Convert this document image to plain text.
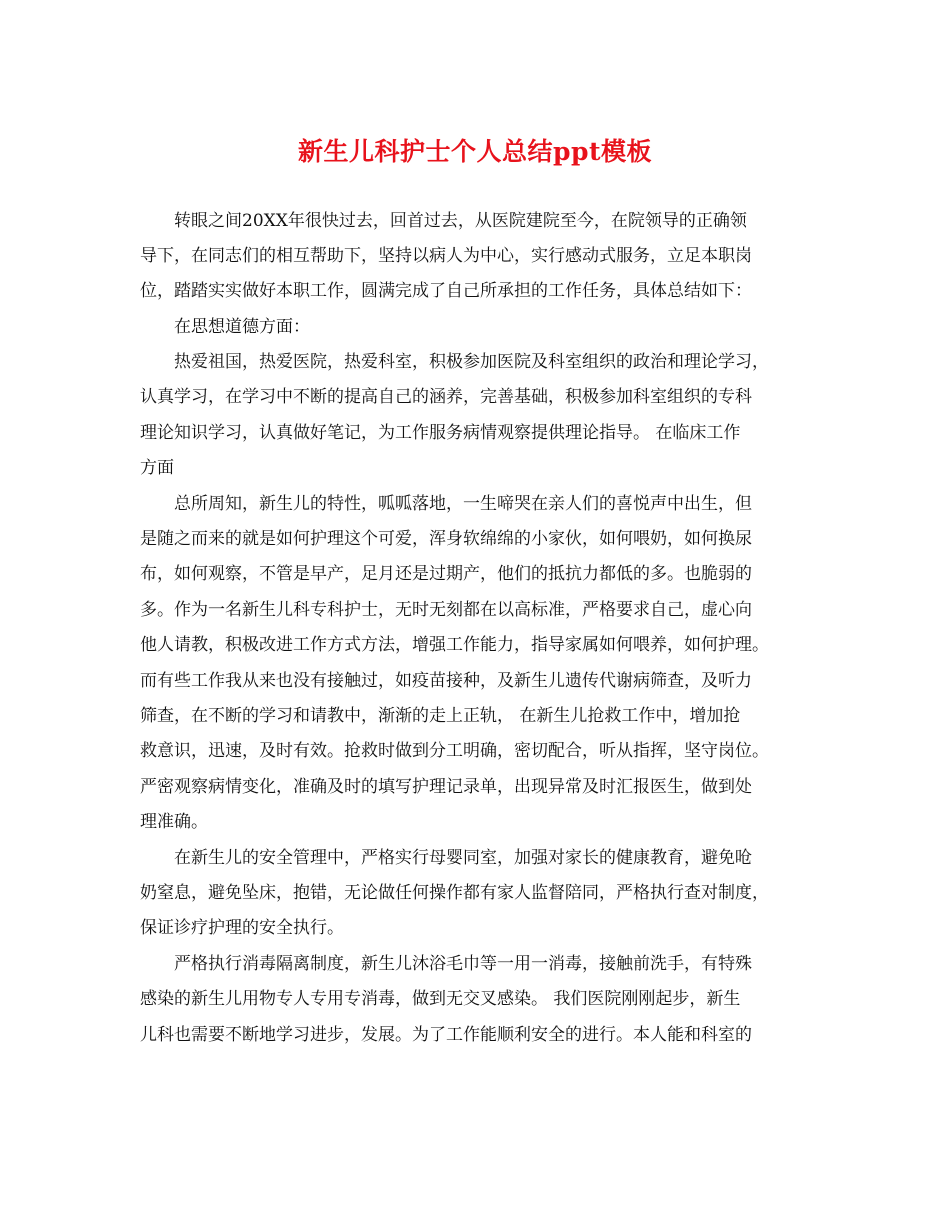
新生儿科护士个人总结ppt模板

转眼之间20XX年很快过去，回首过去，从医院建院至今，在院领导的正确领

导下，在同志们的相互帮助下，坚持以病人为中心，实行感动式服务，立足本职岗

位，踏踏实实做好本职工作，圆满完成了自己所承担的工作任务，具体总结如下：

在思想道德方面：

热爱祖国，热爱医院，热爱科室，积极参加医院及科室组织的政治和理论学习，

认真学习，在学习中不断的提高自己的涵养，完善基础，积极参加科室组织的专科

理论知识学习，认真做好笔记，为工作服务病情观察提供理论指导。 在临床工作

方面

总所周知，新生儿的特性，呱呱落地，一生啼哭在亲人们的喜悦声中出生，但

是随之而来的就是如何护理这个可爱，浑身软绵绵的小家伙，如何喂奶，如何换尿

布，如何观察，不管是早产，足月还是过期产，他们的抵抗力都低的多。也脆弱的

多。作为一名新生儿科专科护士，无时无刻都在以高标准，严格要求自己，虚心向

他人请教，积极改进工作方式方法，增强工作能力，指导家属如何喂养，如何护理。

而有些工作我从来也没有接触过，如疫苗接种，及新生儿遗传代谢病筛查，及听力

筛查，在不断的学习和请教中，渐渐的走上正轨， 在新生儿抢救工作中，增加抢

救意识，迅速，及时有效。抢救时做到分工明确，密切配合，听从指挥，坚守岗位。

严密观察病情变化，准确及时的填写护理记录单，出现异常及时汇报医生，做到处

理准确。

在新生儿的安全管理中，严格实行母婴同室，加强对家长的健康教育，避免呛

奶窒息，避免坠床，抱错，无论做任何操作都有家人监督陪同，严格执行查对制度，

保证诊疗护理的安全执行。

严格执行消毒隔离制度，新生儿沐浴毛巾等一用一消毒，接触前洗手，有特殊

感染的新生儿用物专人专用专消毒，做到无交叉感染。 我们医院刚刚起步，新生

儿科也需要不断地学习进步，发展。为了工作能顺利安全的进行。本人能和科室的
